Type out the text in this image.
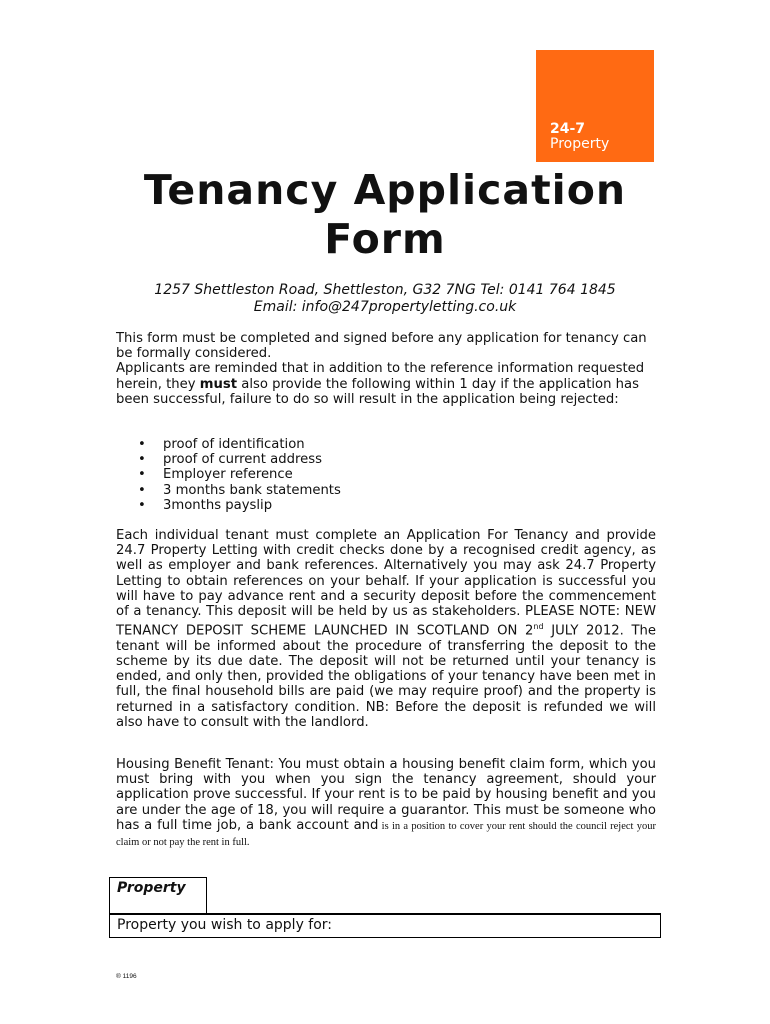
24-7
Property
Tenancy Application Form
1257 Shettleston Road, Shettleston, G32 7NG Tel: 0141 764 1845
Email: info@247propertyletting.co.uk
This form must be completed and signed before any application for tenancy can be formally considered.
Applicants are reminded that in addition to the reference information requested herein, they must also provide the following within 1 day if the application has been successful, failure to do so will result in the application being rejected:
• proof of identification
• proof of current address
• Employer reference
• 3 months bank statements
• 3months payslip

Each individual tenant must complete an Application For Tenancy and provide 24.7 Property Letting with credit checks done by a recognised credit agency, as well as employer and bank references. Alternatively you may ask 24.7 Property Letting to obtain references on your behalf. If your application is successful you will have to pay advance rent and a security deposit before the commencement of a tenancy. This deposit will be held by us as stakeholders. PLEASE NOTE: NEW TENANCY DEPOSIT SCHEME LAUNCHED IN SCOTLAND ON 2nd JULY 2012. The tenant will be informed about the procedure of transferring the deposit to the scheme by its due date. The deposit will not be returned until your tenancy is ended, and only then, provided the obligations of your tenancy have been met in full, the final household bills are paid (we may require proof) and the property is returned in a satisfactory condition. NB: Before the deposit is refunded we will also have to consult with the landlord.

Housing Benefit Tenant: You must obtain a housing benefit claim form, which you must bring with you when you sign the tenancy agreement, should your application prove successful. If your rent is to be paid by housing benefit and you are under the age of 18, you will require a guarantor. This must be someone who has a full time job, a bank account and is in a position to cover your rent should the council reject your claim or not pay the rent in full.

Property
Property you wish to apply for:
® 1196
